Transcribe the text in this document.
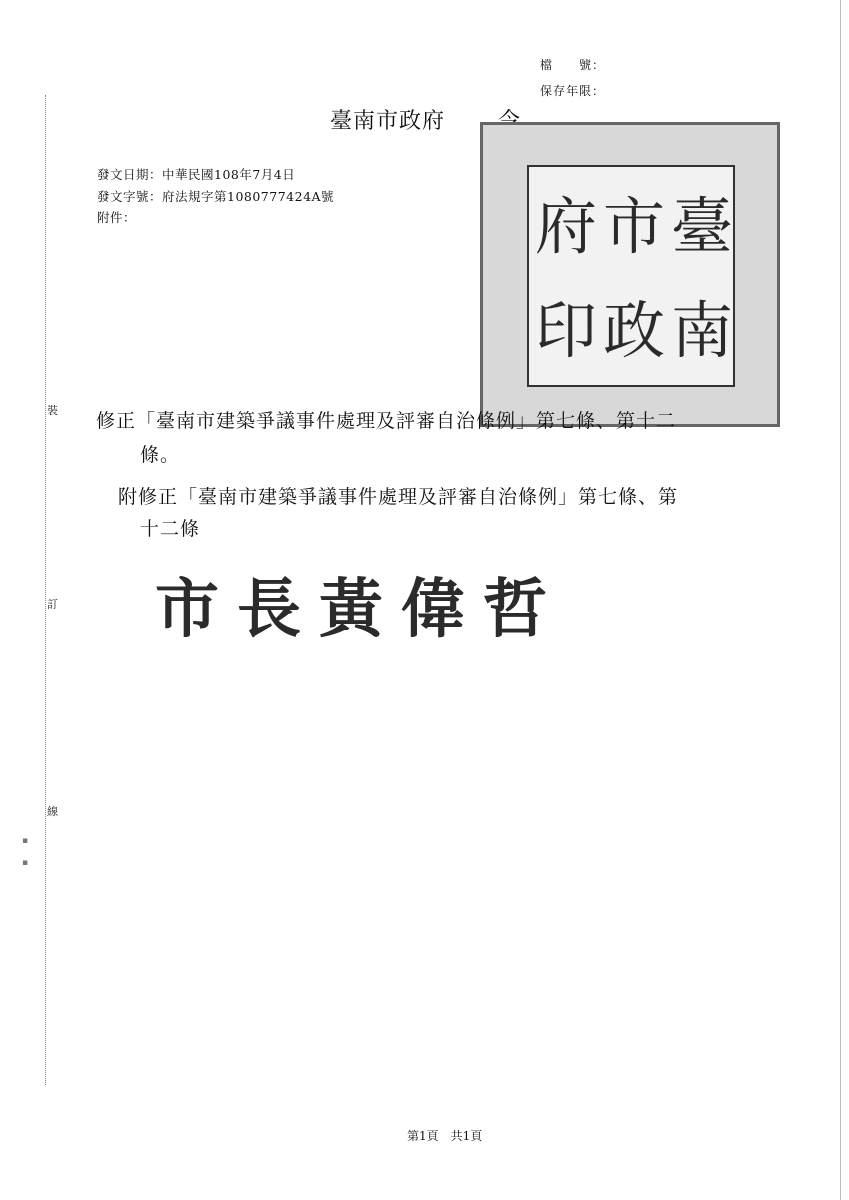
裝
訂
線
▪
▪
檔　　號：
保存年限：
臺南市政府
發文日期：中華民國108年7月4日
發文字號：府法規字第1080777424A號
附件：	臺
南
市
政
府
印
修正「臺南市建築爭議事件處理及評審自治條例」第七條、第十二
條。
附修正「臺南市建築爭議事件處理及評審自治條例」第七條、第
十二條
市長黃偉哲
第1頁　共1頁
